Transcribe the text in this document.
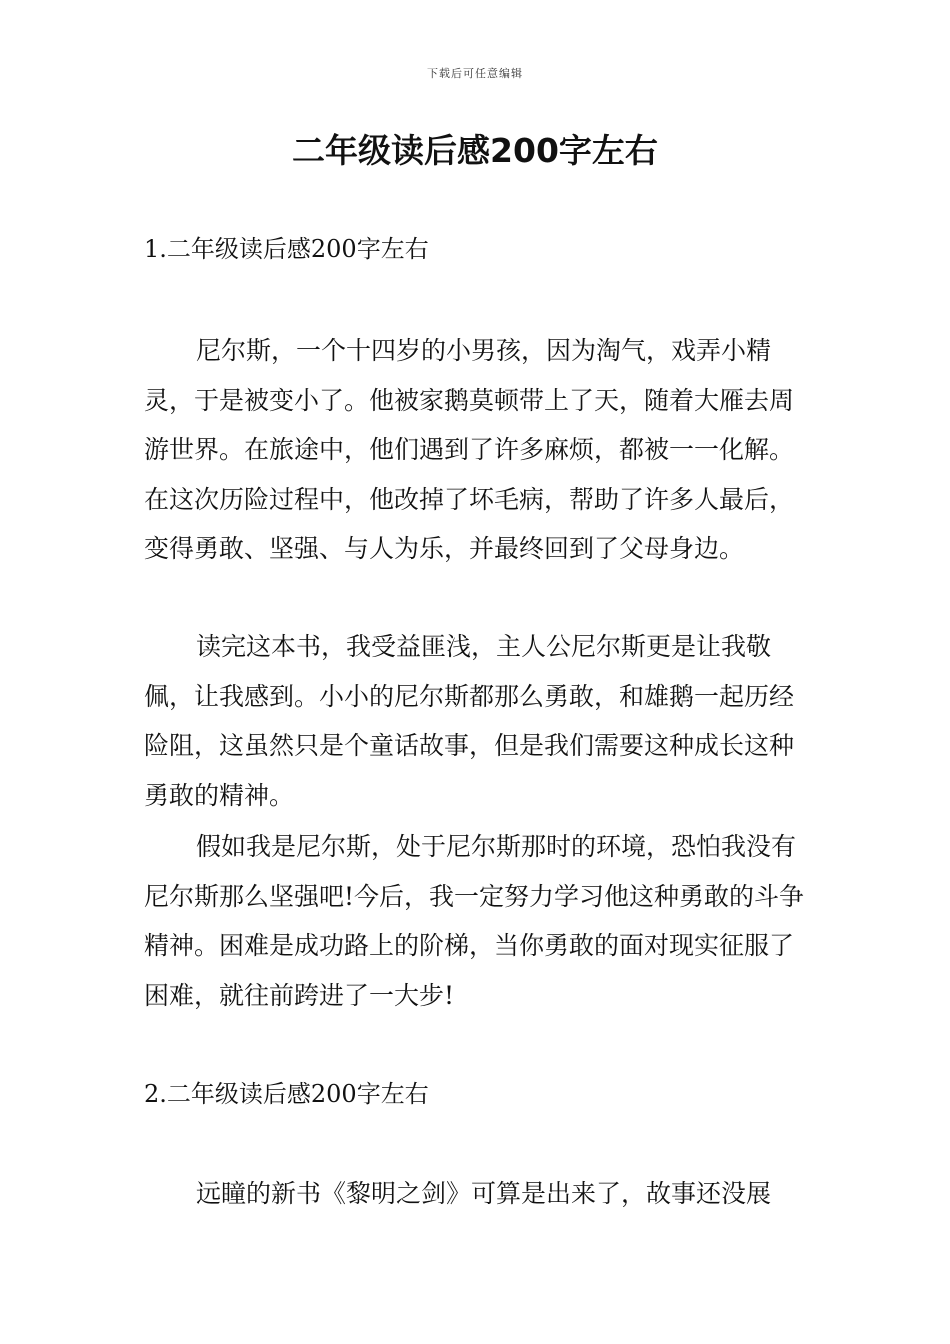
下载后可任意编辑
二年级读后感200字左右
1.二年级读后感200字左右

尼尔斯，一个十四岁的小男孩，因为淘气，戏弄小精灵，于是被变小了。他被家鹅莫顿带上了天，随着大雁去周游世界。在旅途中，他们遇到了许多麻烦，都被一一化解。在这次历险过程中，他改掉了坏毛病，帮助了许多人最后，变得勇敢、坚强、与人为乐，并最终回到了父母身边。

读完这本书，我受益匪浅，主人公尼尔斯更是让我敬佩，让我感到。小小的尼尔斯都那么勇敢，和雄鹅一起历经险阻，这虽然只是个童话故事，但是我们需要这种成长这种勇敢的精神。

假如我是尼尔斯，处于尼尔斯那时的环境，恐怕我没有尼尔斯那么坚强吧!今后，我一定努力学习他这种勇敢的斗争精神。困难是成功路上的阶梯，当你勇敢的面对现实征服了困难，就往前跨进了一大步!

2.二年级读后感200字左右

远瞳的新书《黎明之剑》可算是出来了，故事还没展
